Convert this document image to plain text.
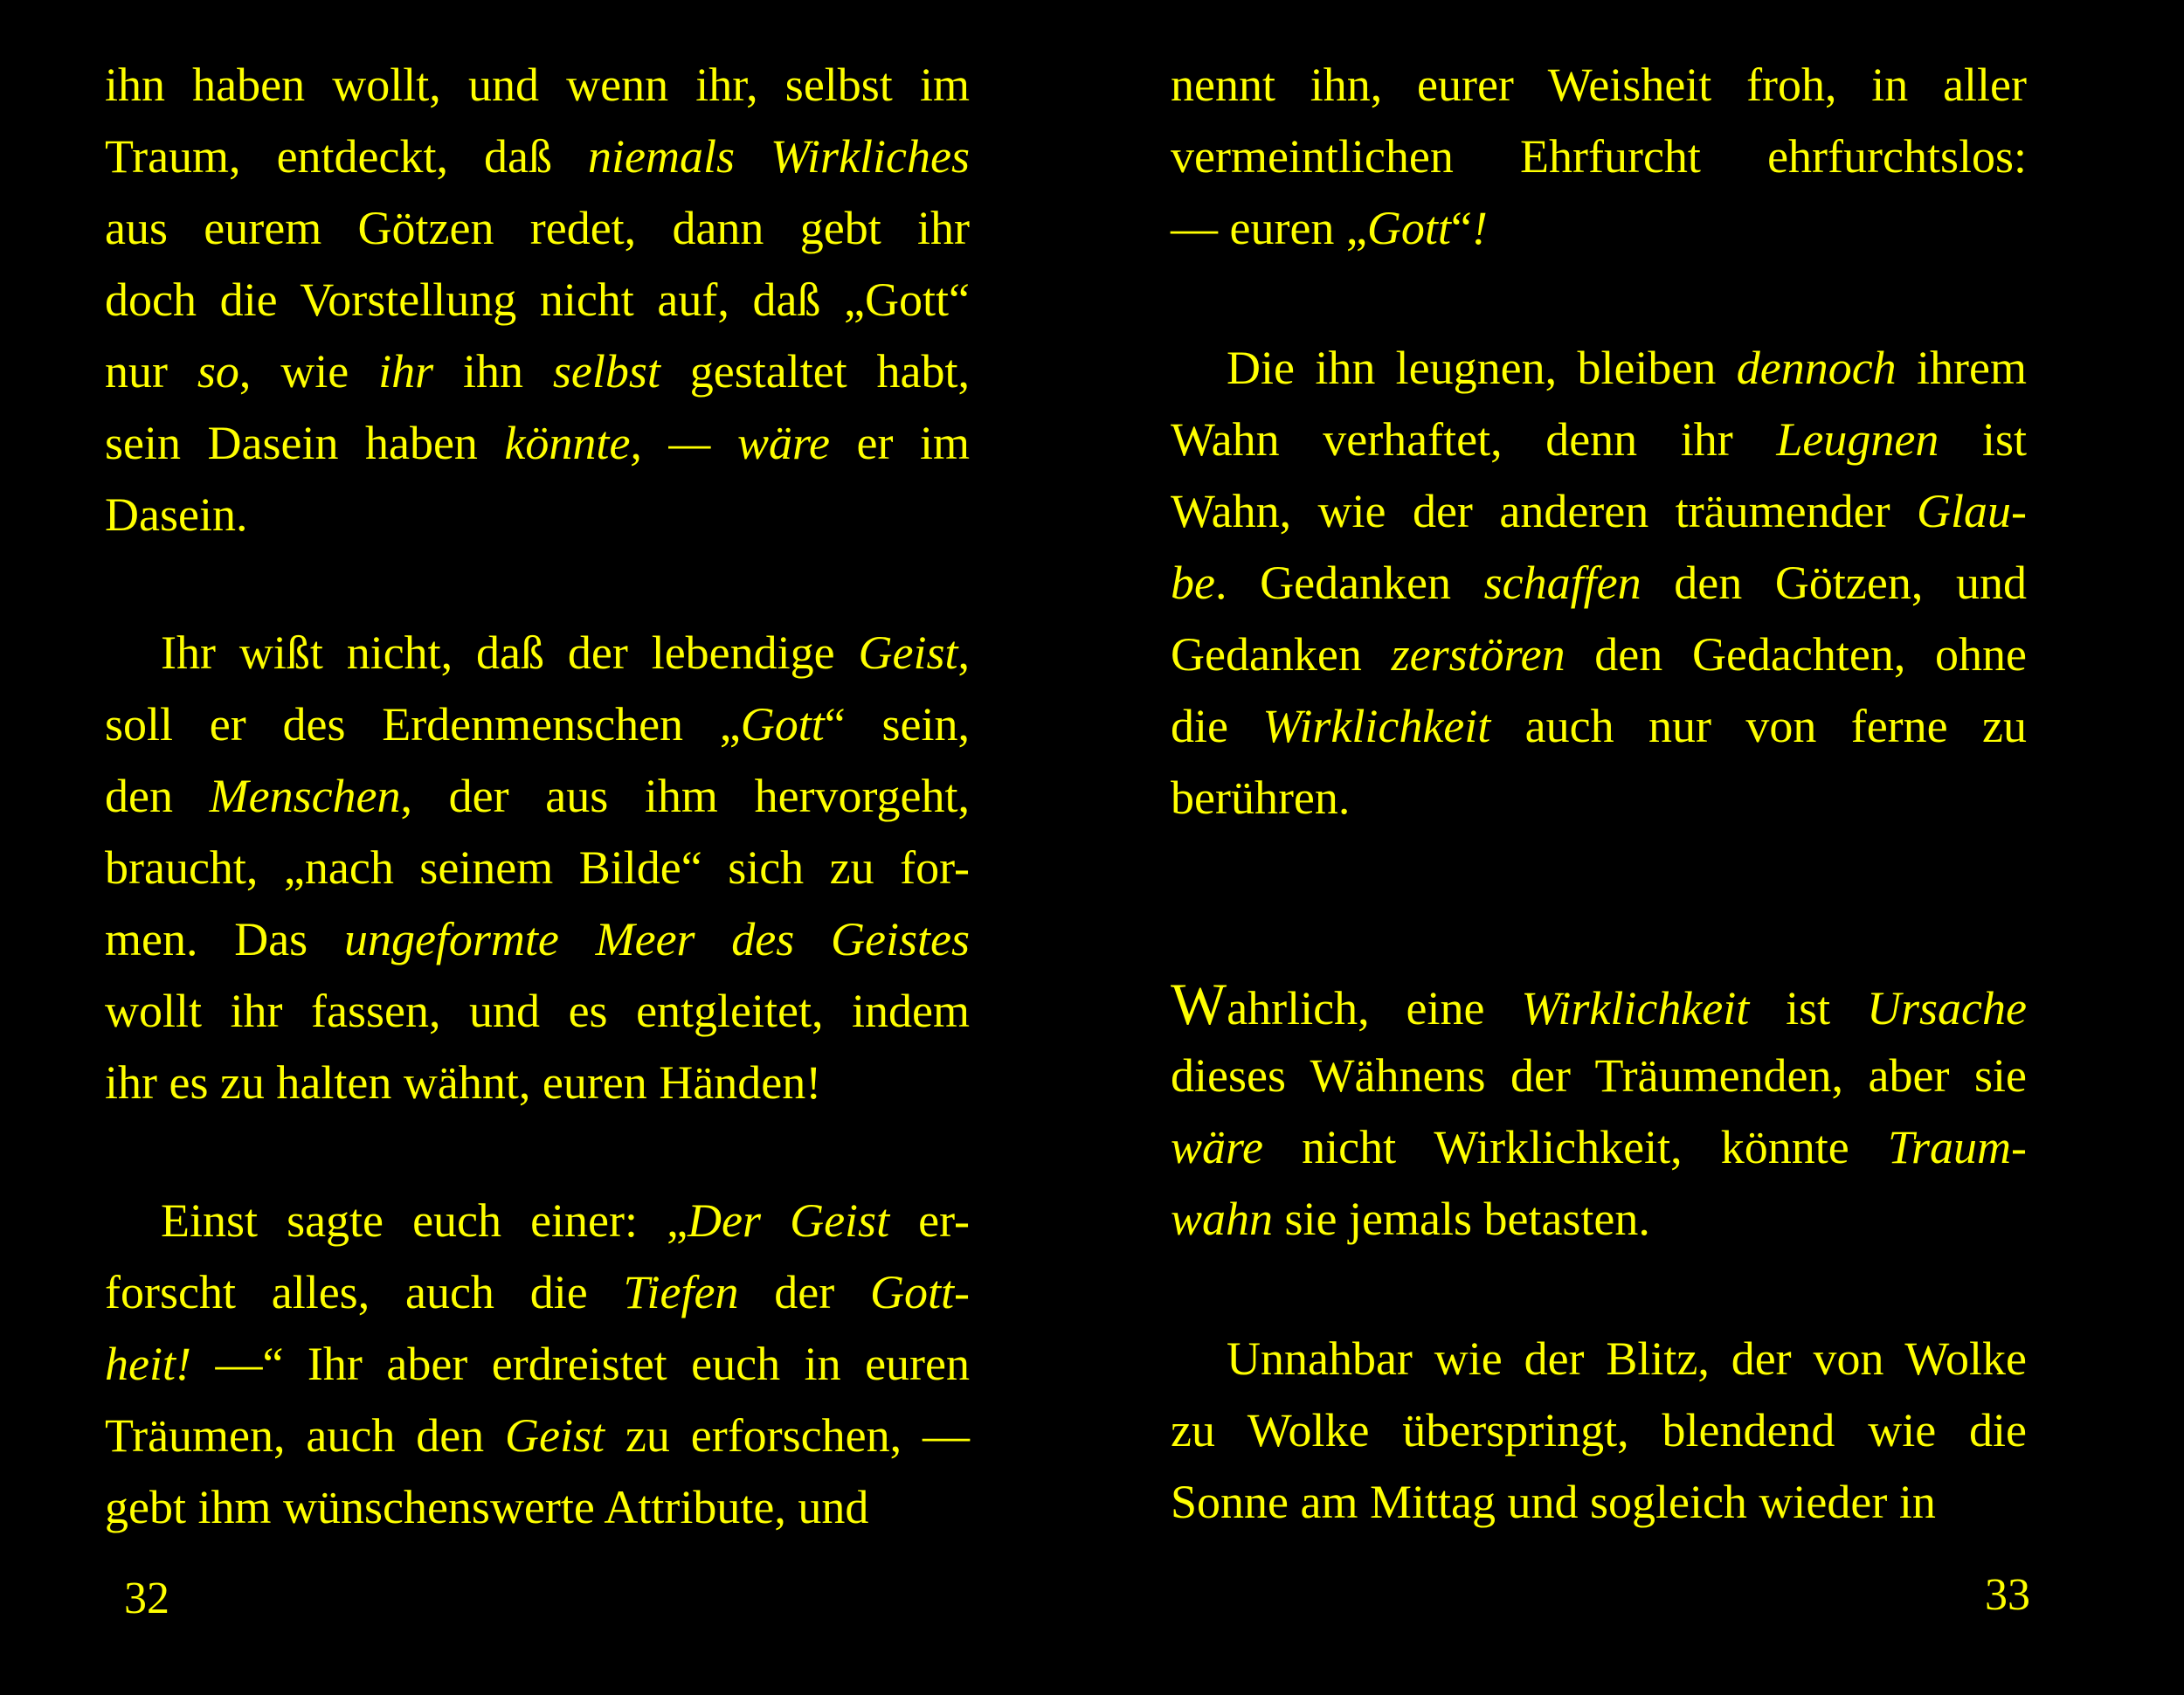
ihn haben wollt, und wenn ihr, selbst im
Traum, entdeckt, daß niemals Wirkliches
aus eurem Götzen redet, dann gebt ihr
doch die Vorstellung nicht auf, daß „Gott“
nur so, wie ihr ihn selbst gestaltet habt,
sein Dasein haben könnte, — wäre er im
Dasein.
Ihr wißt nicht, daß der lebendige Geist,
soll er des Erdenmenschen „Gott“ sein,
den Menschen, der aus ihm hervorgeht,
braucht, „nach seinem Bilde“ sich zu for-
men. Das ungeformte Meer des Geistes
wollt ihr fassen, und es entgleitet, indem
ihr es zu halten wähnt, euren Händen!
Einst sagte euch einer: „Der Geist er-
forscht alles, auch die Tiefen der Gott-
heit! —“ Ihr aber erdreistet euch in euren
Träumen, auch den Geist zu erforschen, —
gebt ihm wünschenswerte Attribute, und
32
nennt ihn, eurer Weisheit froh, in aller
vermeintlichen Ehrfurcht ehrfurchtslos:
— euren „Gott“!
Die ihn leugnen, bleiben dennoch ihrem
Wahn verhaftet, denn ihr Leugnen ist
Wahn, wie der anderen träumender Glau-
be. Gedanken schaffen den Götzen, und
Gedanken zerstören den Gedachten, ohne
die Wirklichkeit auch nur von ferne zu
berühren.
Wahrlich, eine Wirklichkeit ist Ursache
dieses Wähnens der Träumenden, aber sie
wäre nicht Wirklichkeit, könnte Traum-
wahn sie jemals betasten.
Unnahbar wie der Blitz, der von Wolke
zu Wolke überspringt, blendend wie die
Sonne am Mittag und sogleich wieder in
33
